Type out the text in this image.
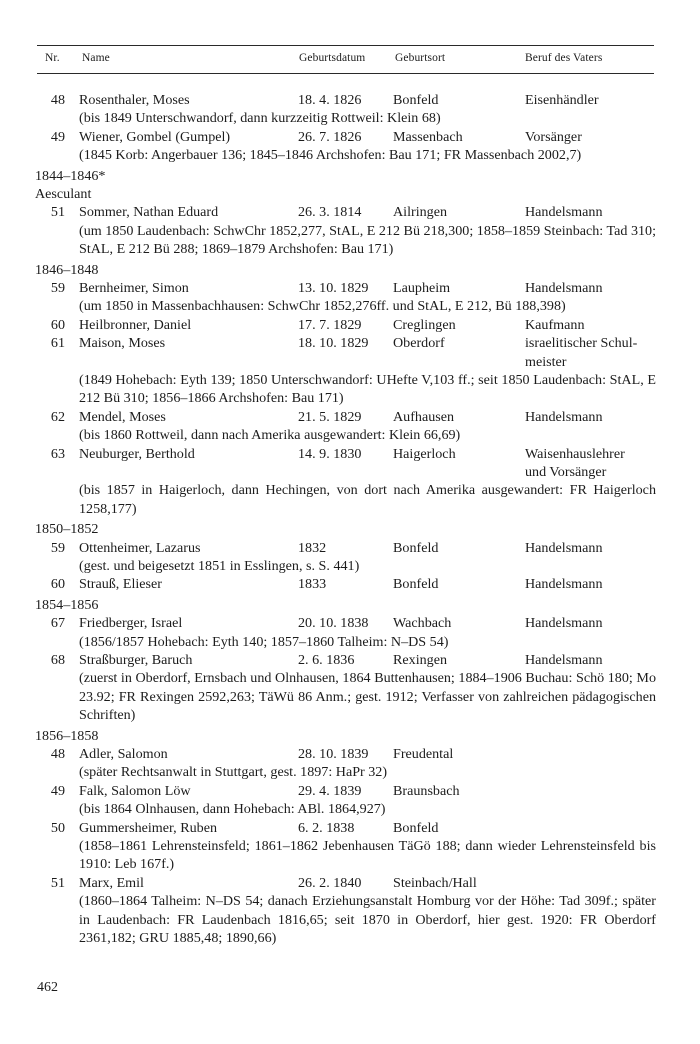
Nr. Name	Geburtsdatum	Geburtsort	Beruf des Vaters
48 Rosenthaler, Moses	18. 4. 1826 Bonfeld	Eisenhändler
(bis 1849 Unterschwandorf, dann kurzzeitig Rottweil: Klein 68)
49 Wiener, Gombel (Gumpel)	26. 7. 1826 Massenbach	Vorsänger
(1845 Korb: Angerbauer 136; 1845–1846 Archshofen: Bau 171; FR Massenbach 2002,7)
1844–1846*
Aesculant
51 Sommer, Nathan Eduard	26. 3. 1814 Ailringen	Handelsmann
(um 1850 Laudenbach: SchwChr 1852,277, StAL, E 212 Bü 218,300; 1858–1859 Steinbach: Tad 310; StAL, E 212 Bü 288; 1869–1879 Archshofen: Bau 171)
1846–1848
59 Bernheimer, Simon	13. 10. 1829 Laupheim	Handelsmann
(um 1850 in Massenbachhausen: SchwChr 1852,276ff. und StAL, E 212, Bü 188,398)
60 Heilbronner, Daniel	17. 7. 1829 Creglingen	Kaufmann
61 Maison, Moses	18. 10. 1829 Oberdorf	israelitischer Schul-
meister
(1849 Hohebach: Eyth 139; 1850 Unterschwandorf: UHefte V,103 ff.; seit 1850 Laudenbach: StAL, E 212 Bü 310; 1856–1866 Archshofen: Bau 171)
62 Mendel, Moses	21. 5. 1829 Aufhausen	Handelsmann
(bis 1860 Rottweil, dann nach Amerika ausgewandert: Klein 66,69)
63 Neuburger, Berthold	14. 9. 1830 Haigerloch	Waisenhauslehrer
und Vorsänger
(bis 1857 in Haigerloch, dann Hechingen, von dort nach Amerika ausgewandert: FR Haigerloch 1258,177)
1850–1852
59 Ottenheimer, Lazarus	1832	Bonfeld	Handelsmann
(gest. und beigesetzt 1851 in Esslingen, s. S. 441)
60 Strauß, Elieser	1833	Bonfeld	Handelsmann
1854–1856
67 Friedberger, Israel	20. 10. 1838 Wachbach	Handelsmann
(1856/1857 Hohebach: Eyth 140; 1857–1860 Talheim: N–DS 54)
68 Straßburger, Baruch	2. 6. 1836	Rexingen	Handelsmann
(zuerst in Oberdorf, Ernsbach und Olnhausen, 1864 Buttenhausen; 1884–1906 Buchau: Schö 180; Mo 23.92; FR Rexingen 2592,263; TäWü 86 Anm.; gest. 1912; Verfasser von zahlreichen pädagogischen Schriften)
1856–1858
48 Adler, Salomon	28. 10. 1839 Freudental
(später Rechtsanwalt in Stuttgart, gest. 1897: HaPr 32)
49 Falk, Salomon Löw	29. 4. 1839 Braunsbach
(bis 1864 Olnhausen, dann Hohebach: ABl. 1864,927)
50 Gummersheimer, Ruben	6. 2. 1838	Bonfeld
(1858–1861 Lehrensteinsfeld; 1861–1862 Jebenhausen TäGö 188; dann wieder Lehrensteinsfeld bis 1910: Leb 167f.)
51 Marx, Emil	26. 2. 1840 Steinbach/Hall
(1860–1864 Talheim: N–DS 54; danach Erziehungsanstalt Homburg vor der Höhe: Tad 309f.; später in Laudenbach: FR Laudenbach 1816,65; seit 1870 in Oberdorf, hier gest. 1920: FR Oberdorf 2361,182; GRU 1885,48; 1890,66)
462
